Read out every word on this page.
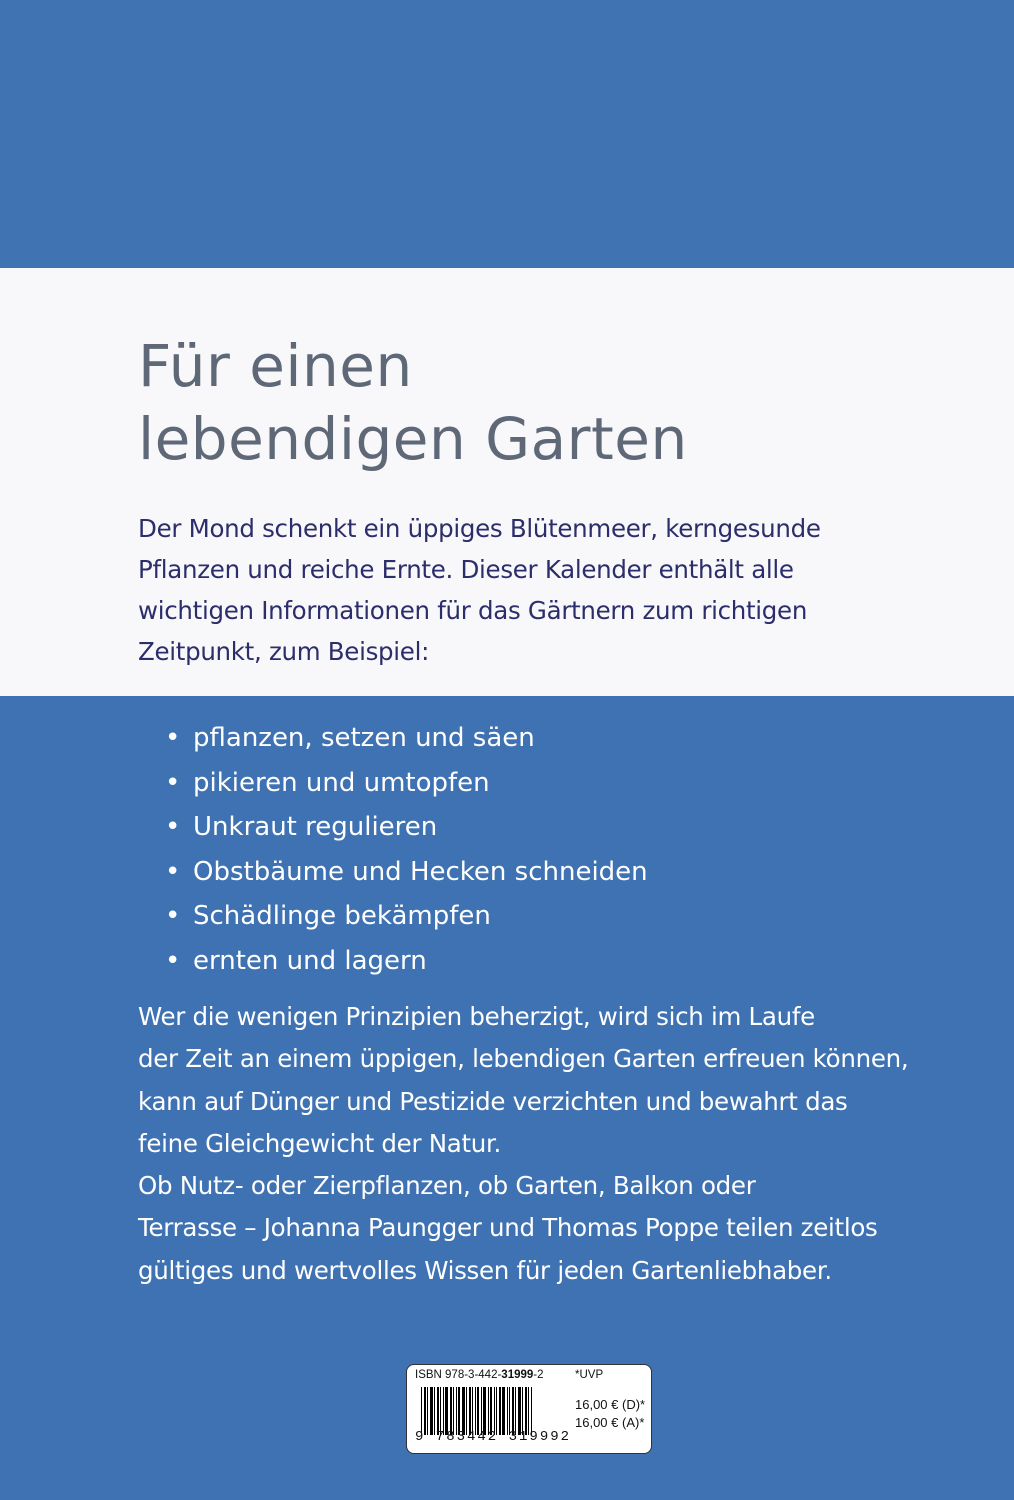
Für einen
lebendigen Garten

Der Mond schenkt ein üppiges Blütenmeer, kerngesunde
Pflanzen und reiche Ernte. Dieser Kalender enthält alle
wichtigen Informationen für das Gärtnern zum richtigen
Zeitpunkt, zum Beispiel:

• pflanzen, setzen und säen
• pikieren und umtopfen
• Unkraut regulieren
• Obstbäume und Hecken schneiden
• Schädlinge bekämpfen
• ernten und lagern

Wer die wenigen Prinzipien beherzigt, wird sich im Laufe
der Zeit an einem üppigen, lebendigen Garten erfreuen können,
kann auf Dünger und Pestizide verzichten und bewahrt das
feine Gleichgewicht der Natur.
Ob Nutz- oder Zierpflanzen, ob Garten, Balkon oder
Terrasse – Johanna Paungger und Thomas Poppe teilen zeitlos
gültiges und wertvolles Wissen für jeden Gartenliebhaber.

ISBN 978-3-442-31999-2	*UVP
9 783442 319992
16,00 € (D)*
16,00 € (A)*
